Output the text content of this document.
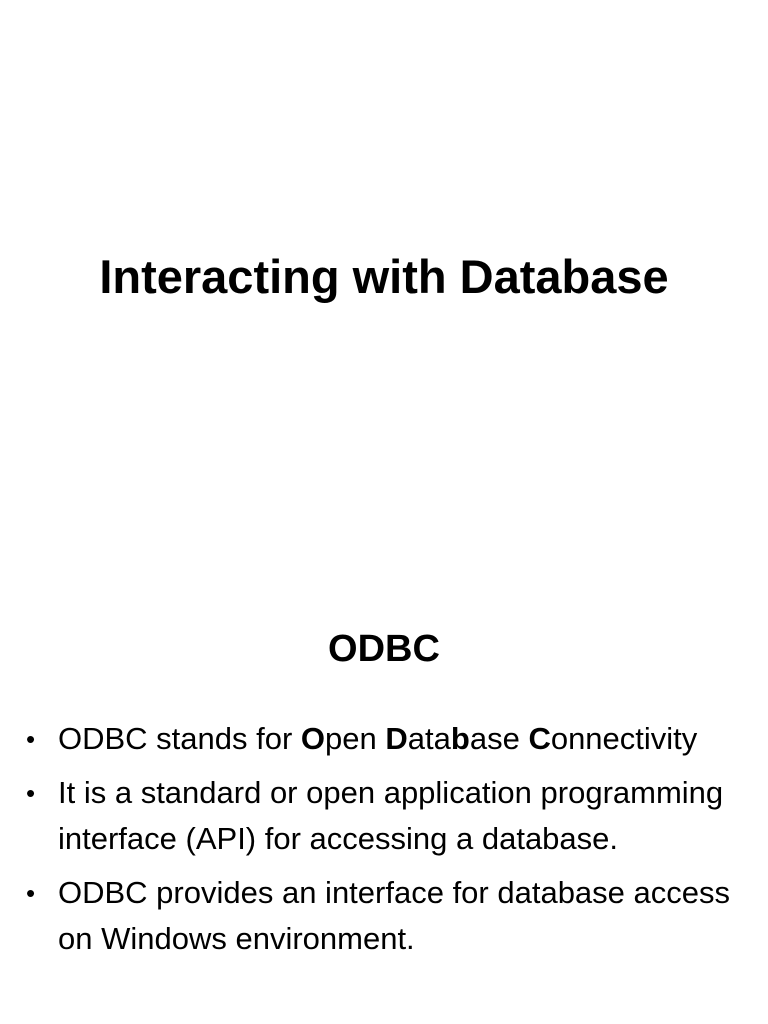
Interacting with Database
ODBC
• ODBC stands for Open Database Connectivity
• It is a standard or open application programming interface (API) for accessing a database.
• ODBC provides an interface for database access on Windows environment.
